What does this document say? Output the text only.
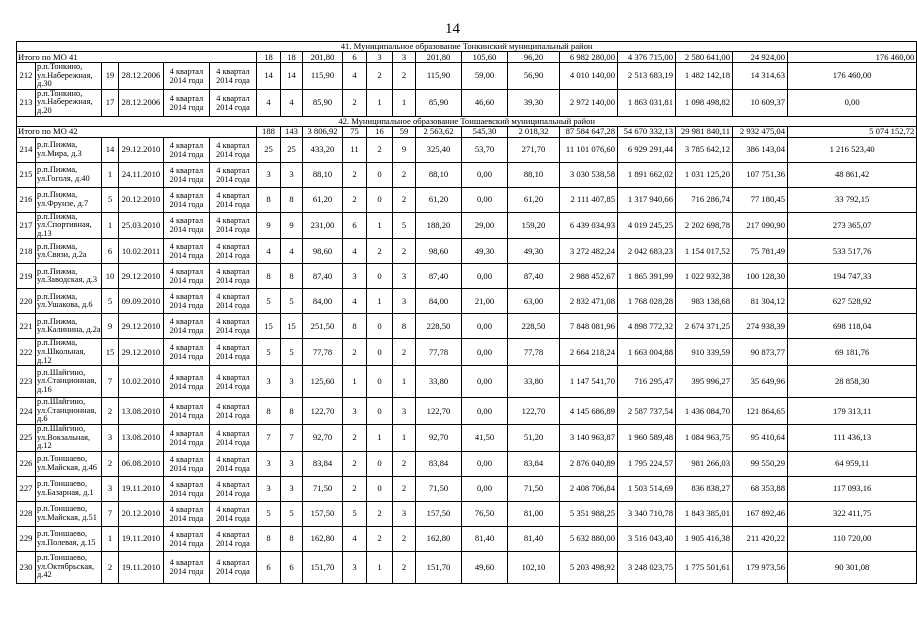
14
41. Муниципальное образование Тонкинский муниципальный район																			
Итого по МО 41						18	18	201,80	6	3	3	201,80	105,60	96,20	6 982 280,00	4 376 715,00	2 580 641,00	24 924,00	176 460,00
212	р.п.Тонкино, ул.Набережная, д.30	19	28.12.2006	4 квартал 2014 года	4 квартал 2014 года	14	14	115,90	4	2	2	115,90	59,00	56,90	4 010 140,00	2 513 683,19	1 482 142,18	14 314,63	176 460,00
213	р.п.Тонкино, ул.Набережная, д.20	17	28.12.2006	4 квартал 2014 года	4 квартал 2014 года	4	4	85,90	2	1	1	85,90	46,60	39,30	2 972 140,00	1 863 031,81	1 098 498,82	10 609,37	0,00
42. Муниципальное образование Тоншаевский муниципальный район																			
Итого по МО 42						188	143	3 806,92	75	16	59	2 563,62	545,30	2 018,32	87 584 647,28	54 670 332,13	29 981 840,11	2 932 475,04	5 074 152,72
214	р.п.Пижма, ул.Мира, д.3	14	29.12.2010	4 квартал 2014 года	4 квартал 2014 года	25	25	433,20	11	2	9	325,40	53,70	271,70	11 101 076,60	6 929 291,44	3 785 642,12	386 143,04	1 216 523,40
215	р.п.Пижма, ул.Гоголя, д.40	1	24.11.2010	4 квартал 2014 года	4 квартал 2014 года	3	3	88,10	2	0	2	88,10	0,00	88,10	3 030 538,58	1 891 662,02	1 031 125,20	107 751,36	48 861,42
216	р.п.Пижма, ул.Фрунзе, д.7	5	20.12.2010	4 квартал 2014 года	4 квартал 2014 года	8	8	61,20	2	0	2	61,20	0,00	61,20	2 111 407,85	1 317 940,66	716 286,74	77 180,45	33 792,15
217	р.п.Пижма, ул.Спортивная, д.13	1	25.03.2010	4 квартал 2014 года	4 квартал 2014 года	9	9	231,00	6	1	5	188,20	29,00	159,20	6 439 034,93	4 019 245,25	2 202 698,78	217 090,90	273 365,07
218	р.п.Пижма, ул.Связи, д.2а	6	10.02.2011	4 квартал 2014 года	4 квартал 2014 года	4	4	98,60	4	2	2	98,60	49,30	49,30	3 272 482,24	2 042 683,23	1 154 017,52	75 781,49	533 517,76
219	р.п.Пижма, ул.Заводская, д.3	10	29.12.2010	4 квартал 2014 года	4 квартал 2014 года	8	8	87,40	3	0	3	87,40	0,00	87,40	2 988 452,67	1 865 391,99	1 022 932,38	100 128,30	194 747,33
220	р.п.Пижма, ул.Ушакова, д.6	5	09.09.2010	4 квартал 2014 года	4 квартал 2014 года	5	5	84,00	4	1	3	84,00	21,00	63,00	2 832 471,08	1 768 028,28	983 138,68	81 304,12	627 528,92
221	р.п.Пижма, ул.Калинина, д.2а	9	29.12.2010	4 квартал 2014 года	4 квартал 2014 года	15	15	251,50	8	0	8	228,50	0,00	228,50	7 848 081,96	4 898 772,32	2 674 371,25	274 938,39	698 118,04
222	р.п.Пижма, ул.Школьная, д.12	15	29.12.2010	4 квартал 2014 года	4 квартал 2014 года	5	5	77,78	2	0	2	77,78	0,00	77,78	2 664 218,24	1 663 004,88	910 339,59	90 873,77	69 181,76
223	р.п.Шайгино, ул.Станционная, д.16	7	10.02.2010	4 квартал 2014 года	4 квартал 2014 года	3	3	125,60	1	0	1	33,80	0,00	33,80	1 147 541,70	716 295,47	395 996,27	35 649,96	28 858,30
224	р.п.Шайгино, ул.Станционная, д.6	2	13.08.2010	4 квартал 2014 года	4 квартал 2014 года	8	8	122,70	3	0	3	122,70	0,00	122,70	4 145 686,89	2 587 737,54	1 436 084,70	121 864,65	179 313,11
225	р.п.Шайгино, ул.Вокзальная, д.12	3	13.08.2010	4 квартал 2014 года	4 квартал 2014 года	7	7	92,70	2	1	1	92,70	41,50	51,20	3 140 963,87	1 960 589,48	1 084 963,75	95 410,64	111 436,13
226	р.п.Тоншаево, ул.Майская, д.46	2	06.08.2010	4 квартал 2014 года	4 квартал 2014 года	3	3	83,84	2	0	2	83,84	0,00	83,84	2 876 040,89	1 795 224,57	981 266,03	99 550,29	64 959,11
227	р.п.Тоншаево, ул.Базарная, д.1	3	19.11.2010	4 квартал 2014 года	4 квартал 2014 года	3	3	71,50	2	0	2	71,50	0,00	71,50	2 408 706,84	1 503 514,69	836 838,27	68 353,88	117 093,16
228	р.п.Тоншаево, ул.Майская, д.51	7	20.12.2010	4 квартал 2014 года	4 квартал 2014 года	5	5	157,50	5	2	3	157,50	76,50	81,00	5 351 988,25	3 340 710,78	1 843 385,01	167 892,46	322 411,75
229	р.п.Тоншаево, ул.Полевая, д.15	1	19.11.2010	4 квартал 2014 года	4 квартал 2014 года	8	8	162,80	4	2	2	162,80	81,40	81,40	5 632 880,00	3 516 043,40	1 905 416,38	211 420,22	110 720,00
230	р.п.Тоншаево, ул.Октябрьская, д.42	2	19.11.2010	4 квартал 2014 года	4 квартал 2014 года	6	6	151,70	3	1	2	151,70	49,60	102,10	5 203 498,92	3 248 023,75	1 775 501,61	179 973,56	90 301,08
